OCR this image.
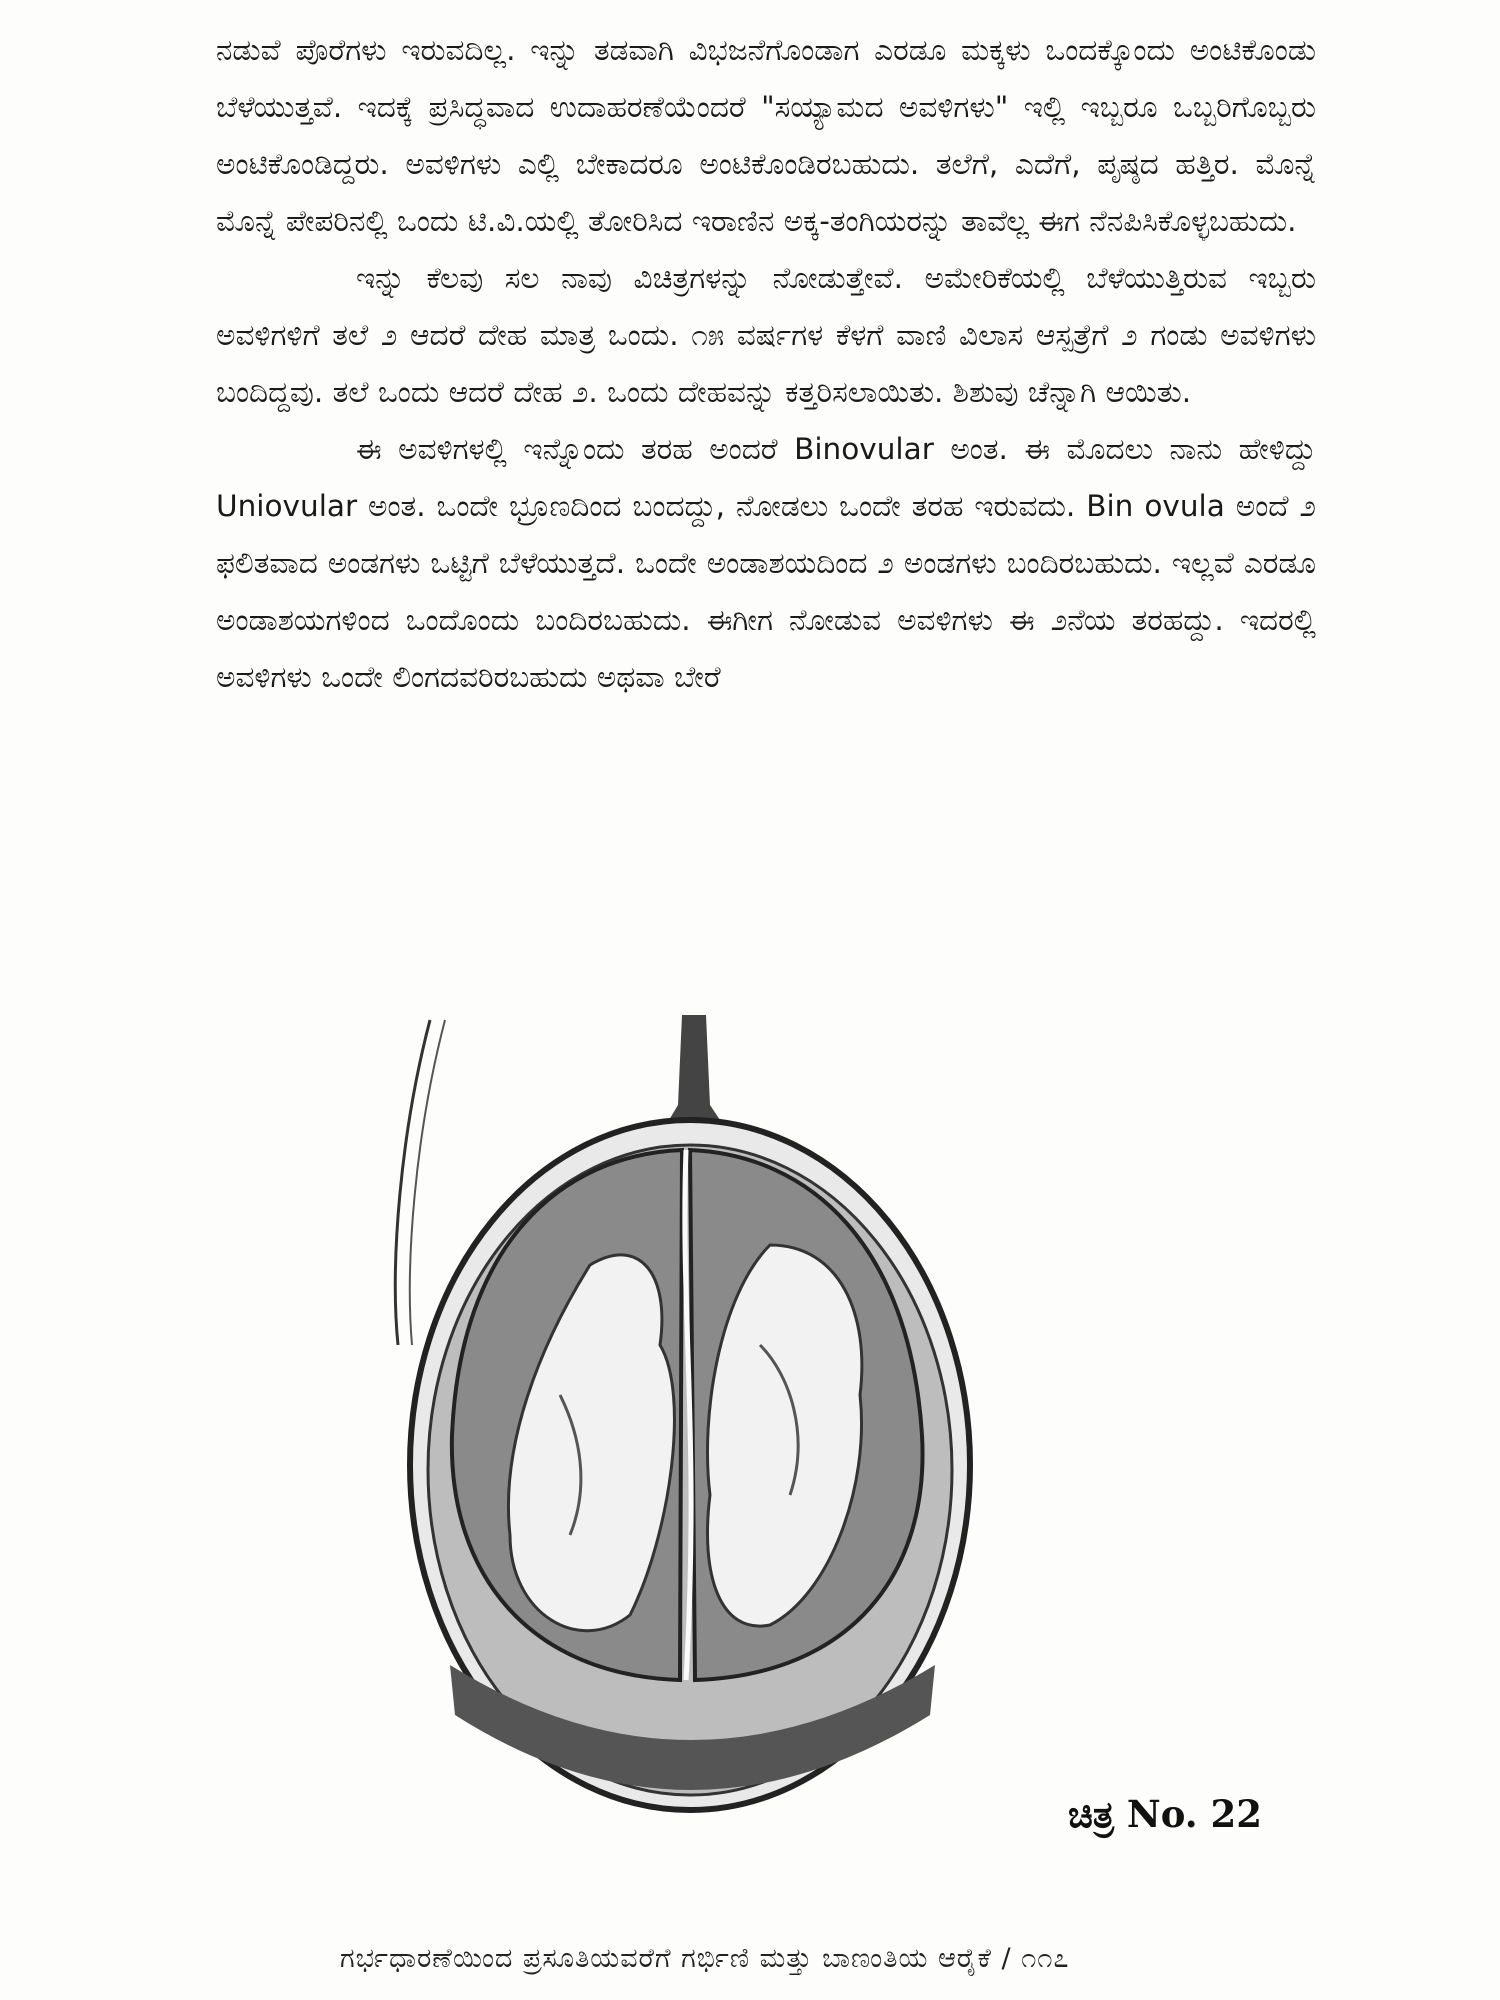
ನಡುವೆ ಪೊರೆಗಳು ಇರುವದಿಲ್ಲ. ಇನ್ನು ತಡವಾಗಿ ವಿಭಜನೆಗೊಂಡಾಗ ಎರಡೂ ಮಕ್ಕಳು ಒಂದಕ್ಕೊಂದು ಅಂಟಿಕೊಂಡು ಬೆಳೆಯುತ್ತವೆ. ಇದಕ್ಕೆ ಪ್ರಸಿದ್ಧವಾದ ಉದಾಹರಣೆಯೆಂದರೆ "ಸಯ್ಯಾಮದ ಅವಳಿಗಳು" ಇಲ್ಲಿ ಇಬ್ಬರೂ ಒಬ್ಬರಿಗೊಬ್ಬರು ಅಂಟಿಕೊಂಡಿದ್ದರು. ಅವಳಿಗಳು ಎಲ್ಲಿ ಬೇಕಾದರೂ ಅಂಟಿಕೊಂಡಿರಬಹುದು. ತಲೆಗೆ, ಎದೆಗೆ, ಪೃಷ್ಠದ ಹತ್ತಿರ. ಮೊನ್ನೆ ಮೊನ್ನೆ ಪೇಪರಿನಲ್ಲಿ ಒಂದು ಟಿ.ವಿ.ಯಲ್ಲಿ ತೋರಿಸಿದ ಇರಾಣಿನ ಅಕ್ಕ-ತಂಗಿಯರನ್ನು ತಾವೆಲ್ಲ ಈಗ ನೆನಪಿಸಿಕೊಳ್ಳಬಹುದು.

ಇನ್ನು ಕೆಲವು ಸಲ ನಾವು ವಿಚಿತ್ರಗಳನ್ನು ನೋಡುತ್ತೇವೆ. ಅಮೇರಿಕೆಯಲ್ಲಿ ಬೆಳೆಯುತ್ತಿರುವ ಇಬ್ಬರು ಅವಳಿಗಳಿಗೆ ತಲೆ ೨ ಆದರೆ ದೇಹ ಮಾತ್ರ ಒಂದು. ೧೫ ವರ್ಷಗಳ ಕೆಳಗೆ ವಾಣಿ ವಿಲಾಸ ಆಸ್ಪತ್ರೆಗೆ ೨ ಗಂಡು ಅವಳಿಗಳು ಬಂದಿದ್ದವು. ತಲೆ ಒಂದು ಆದರೆ ದೇಹ ೨. ಒಂದು ದೇಹವನ್ನು ಕತ್ತರಿಸಲಾಯಿತು. ಶಿಶುವು ಚೆನ್ನಾಗಿ ಆಯಿತು.

ಈ ಅವಳಿಗಳಲ್ಲಿ ಇನ್ನೊಂದು ತರಹ ಅಂದರೆ Binovular ಅಂತ. ಈ ಮೊದಲು ನಾನು ಹೇಳಿದ್ದು Uniovular ಅಂತ. ಒಂದೇ ಭ್ರೂಣದಿಂದ ಬಂದದ್ದು, ನೋಡಲು ಒಂದೇ ತರಹ ಇರುವದು. Bin ovula ಅಂದೆ ೨ ಫಲಿತವಾದ ಅಂಡಗಳು ಒಟ್ಟಿಗೆ ಬೆಳೆಯುತ್ತದೆ. ಒಂದೇ ಅಂಡಾಶಯದಿಂದ ೨ ಅಂಡಗಳು ಬಂದಿರಬಹುದು. ಇಲ್ಲವೆ ಎರಡೂ ಅಂಡಾಶಯಗಳಿಂದ ಒಂದೊಂದು ಬಂದಿರಬಹುದು. ಈಗೀಗ ನೋಡುವ ಅವಳಿಗಳು ಈ ೨ನೆಯ ತರಹದ್ದು. ಇದರಲ್ಲಿ ಅವಳಿಗಳು ಒಂದೇ ಲಿಂಗದವರಿರಬಹುದು ಅಥವಾ ಬೇರೆ

ಚಿತ್ರ No. 22
ಗರ್ಭಧಾರಣೆಯಿಂದ ಪ್ರಸೂತಿಯವರೆಗೆ ಗರ್ಭಿಣಿ ಮತ್ತು ಬಾಣಂತಿಯ ಆರೈಕೆ / ೧೧೭
